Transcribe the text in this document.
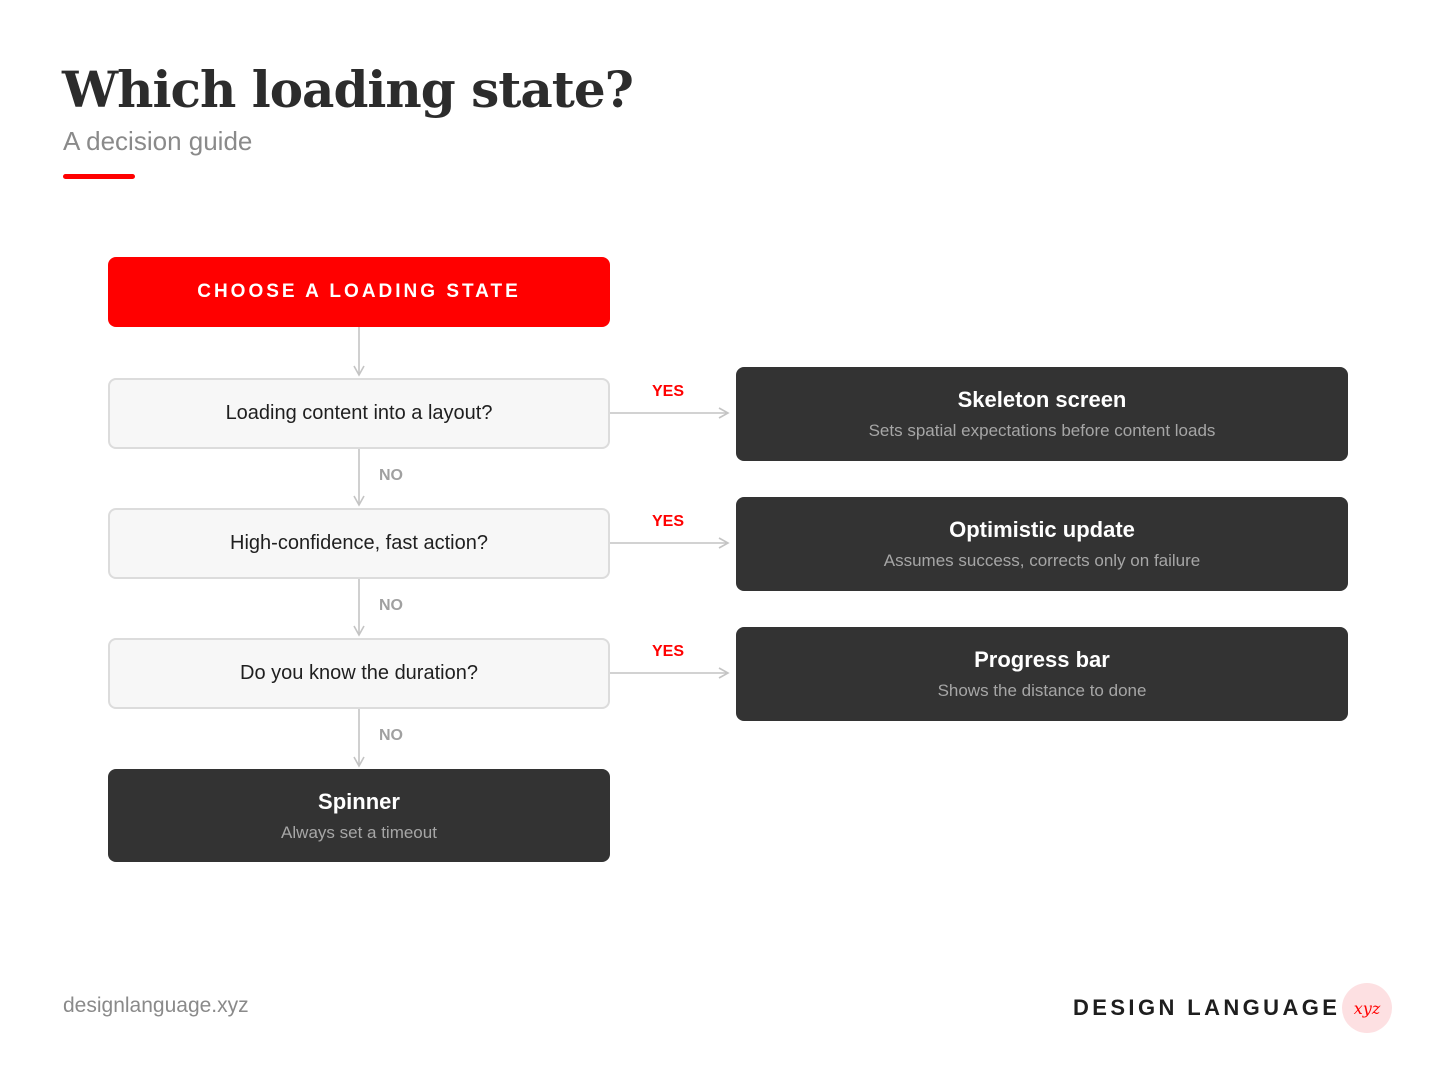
Which loading state?
A decision guide
CHOOSE A LOADING STATE
Loading content into a layout?
High-confidence, fast action?
Do you know the duration?
YES
YES
YES
NO
NO
NO
Skeleton screen
Sets spatial expectations before content loads
Optimistic update
Assumes success, corrects only on failure
Progress bar
Shows the distance to done
Spinner
Always set a timeout
designlanguage.xyz	DESIGN LANGUAGE xyz
